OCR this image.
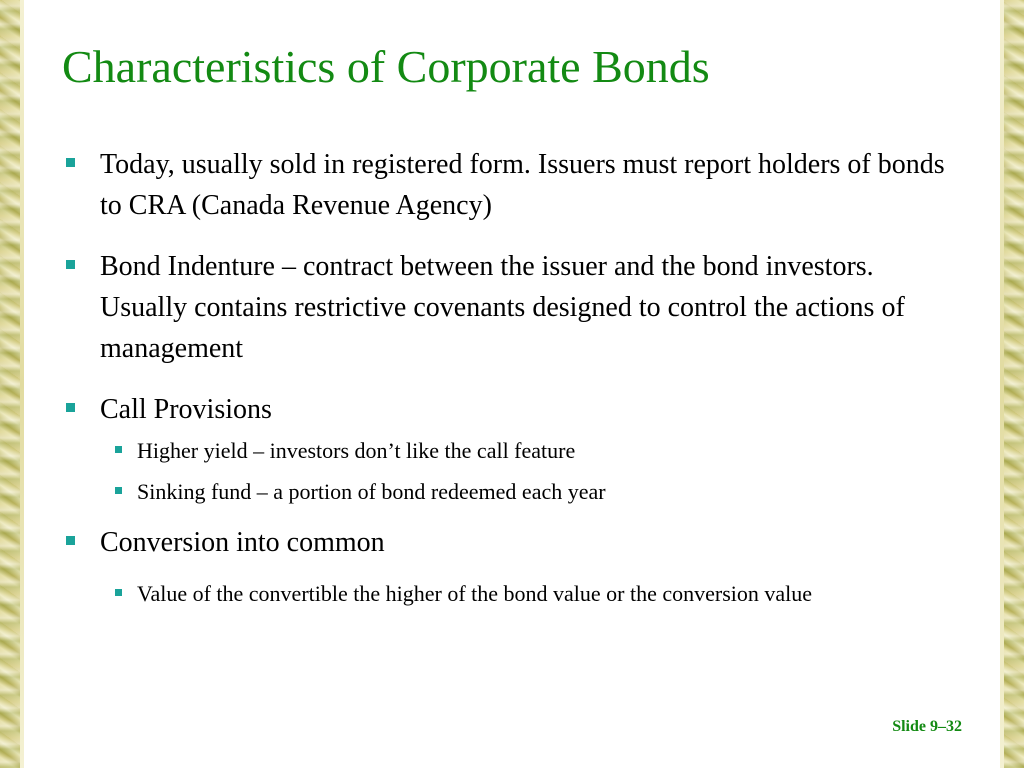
Characteristics of Corporate Bonds
Today, usually sold in registered form. Issuers must report holders of bonds to CRA (Canada Revenue Agency)
Bond Indenture – contract between the issuer and the bond investors. Usually contains restrictive covenants designed to control the actions of management
Call Provisions
Higher yield – investors don’t like the call feature
Sinking fund – a portion of bond redeemed each year
Conversion into common
Value of the convertible the higher of the bond value or the conversion value
Slide 9–32
